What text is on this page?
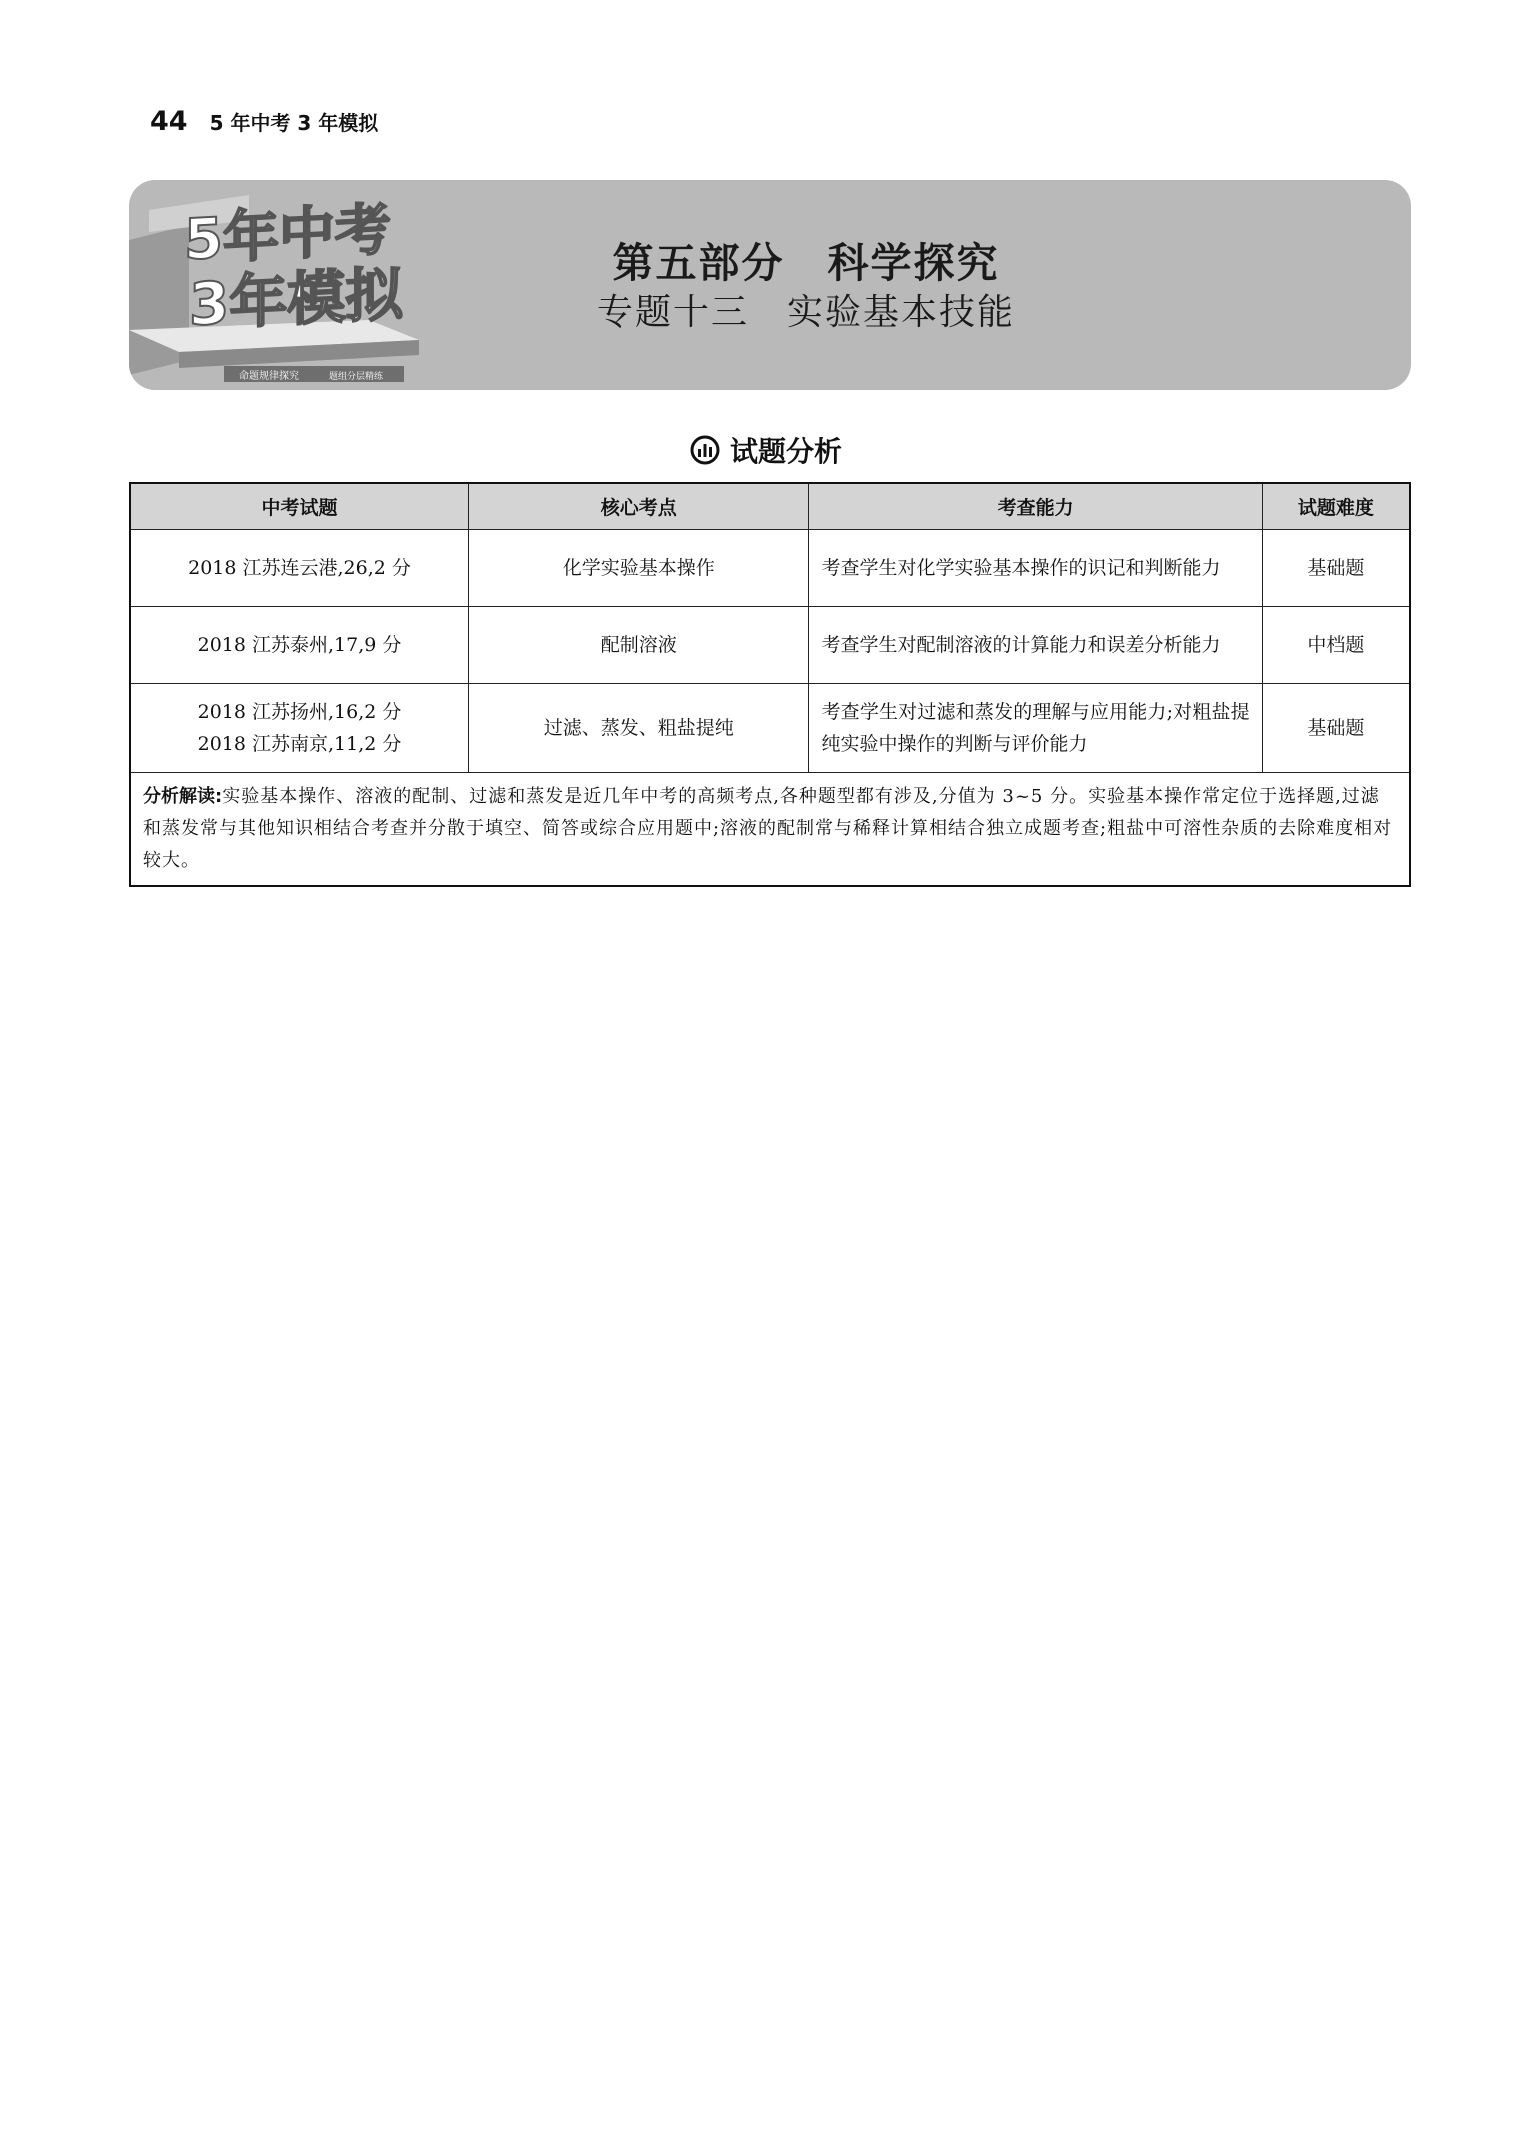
44 5 年中考 3 年模拟
5年中考
3年模拟
命题规律探究	题组分层精练
第五部分　科学探究
专题十三　实验基本技能
试题分析
中考试题	核心考点	考查能力	试题难度

2018 江苏连云港,26,2 分	化学实验基本操作	考查学生对化学实验基本操作的识记和判断能力	基础题

2018 江苏泰州,17,9 分	配制溶液	考查学生对配制溶液的计算能力和误差分析能力	中档题

2018 江苏扬州,16,2 分
2018 江苏南京,11,2 分	过滤、蒸发、粗盐提纯	考查学生对过滤和蒸发的理解与应用能力;对粗盐提纯实验中操作的判断与评价能力	基础题
分析解读:实验基本操作、溶液的配制、过滤和蒸发是近几年中考的高频考点,各种题型都有涉及,分值为 3~5 分。实验基本操作常定位于选择题,过滤和蒸发常与其他知识相结合考查并分散于填空、简答或综合应用题中;溶液的配制常与稀释计算相结合独立成题考查;粗盐中可溶性杂质的去除难度相对较大。			
